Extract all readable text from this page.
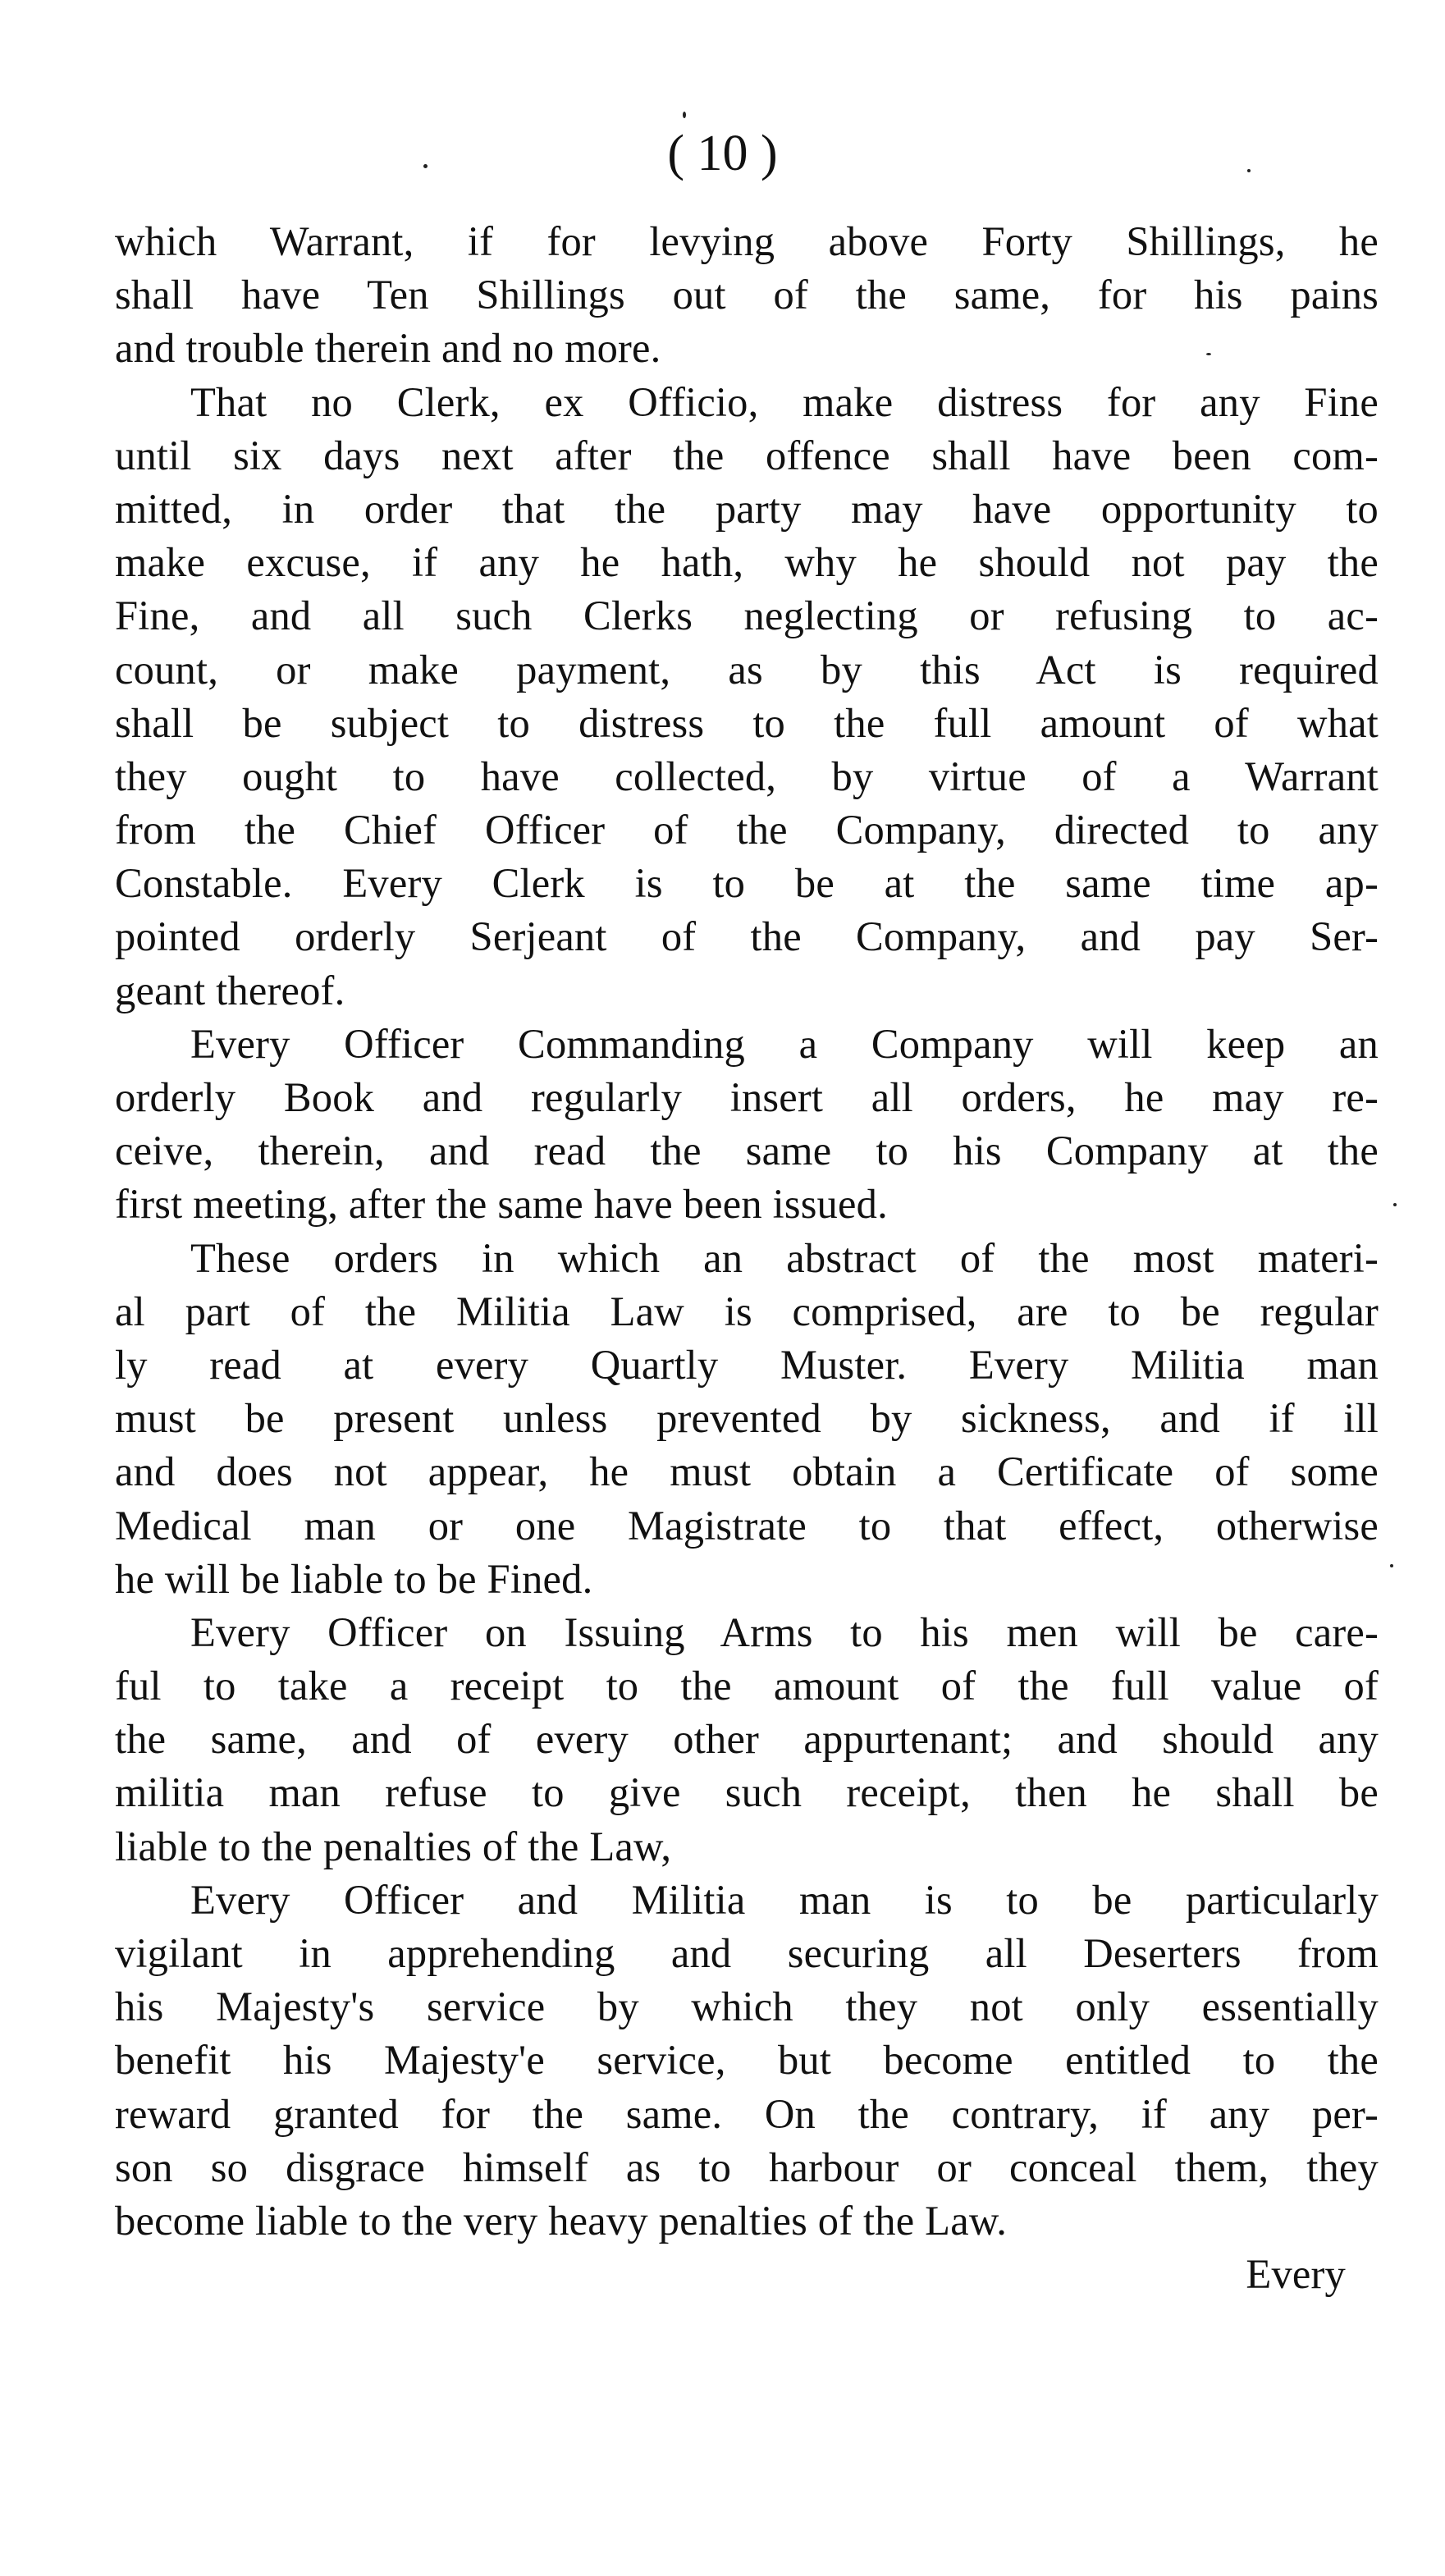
( 10 )
which Warrant, if for levying above Forty Shillings, he
shall have Ten Shillings out of the same, for his pains
and trouble therein and no more.
That no Clerk, ex Officio, make distress for any Fine
until six days next after the offence shall have been com-
mitted, in order that the party may have opportunity to
make excuse, if any he hath, why he should not pay the
Fine, and all such Clerks neglecting or refusing to ac-
count, or make payment, as by this Act is required
shall be subject to distress to the full amount of what
they ought to have collected, by virtue of a Warrant
from the Chief Officer of the Company, directed to any
Constable. Every Clerk is to be at the same time ap-
pointed orderly Serjeant of the Company, and pay Ser-
geant thereof.
Every Officer Commanding a Company will keep an
orderly Book and regularly insert all orders, he may re-
ceive, therein, and read the same to his Company at the
first meeting, after the same have been issued.
These orders in which an abstract of the most materi-
al part of the Militia Law is comprised, are to be regular
ly read at every Quartly Muster. Every Militia man
must be present unless prevented by sickness, and if ill
and does not appear, he must obtain a Certificate of some
Medical man or one Magistrate to that effect, otherwise
he will be liable to be Fined.
Every Officer on Issuing Arms to his men will be care-
ful to take a receipt to the amount of the full value of
the same, and of every other appurtenant; and should any
militia man refuse to give such receipt, then he shall be
liable to the penalties of the Law,
Every Officer and Militia man is to be particularly
vigilant in apprehending and securing all Deserters from
his Majesty's service by which they not only essentially
benefit his Majesty'e service, but become entitled to the
reward granted for the same. On the contrary, if any per-
son so disgrace himself as to harbour or conceal them, they
become liable to the very heavy penalties of the Law.
Every
